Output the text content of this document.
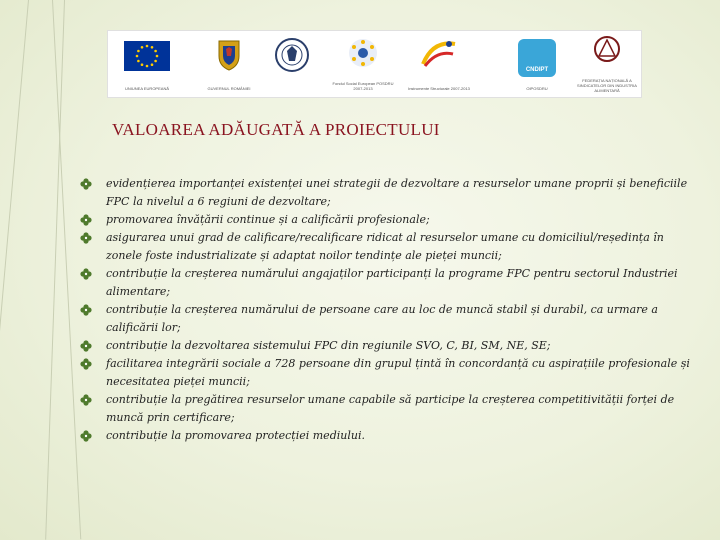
UNIUNEA EUROPEANĂ	GUVERNUL ROMÂNIEI
Fondul Social European POSDRU 2007-2013	Instrumente Structurale 2007-2013
CNDIPT
OIPOSDRU
FEDERAȚIA NAȚIONALĂ A SINDICATELOR DIN INDUSTRIA ALIMENTARĂ
VALOAREA ADĂUGATĂ A PROIECTULUI
evidențierea importanței existenței unei strategii de dezvoltare a resurselor umane proprii și beneficiile FPC la nivelul a 6 regiuni de dezvoltare;
promovarea învățării continue și a calificării profesionale;
asigurarea unui grad de calificare/recalificare ridicat al resurselor umane cu domiciliul/reședința în zonele foste industrializate și adaptat noilor tendințe ale pieței muncii;
contribuție la creșterea numărului angajaților participanți la programe FPC pentru sectorul Industriei alimentare;
contribuție la creșterea numărului de persoane care au loc de muncă stabil și durabil, ca urmare a calificării lor;
contribuție la dezvoltarea sistemului FPC din regiunile SVO, C, BI, SM, NE, SE;
facilitarea integrării sociale a 728 persoane din grupul țintă în concordanță cu aspirațiile profesionale și necesitatea pieței muncii;
contribuție la pregătirea resurselor umane capabile să participe la creșterea competitivității forței de muncă prin certificare;
contribuție la promovarea protecției mediului.
